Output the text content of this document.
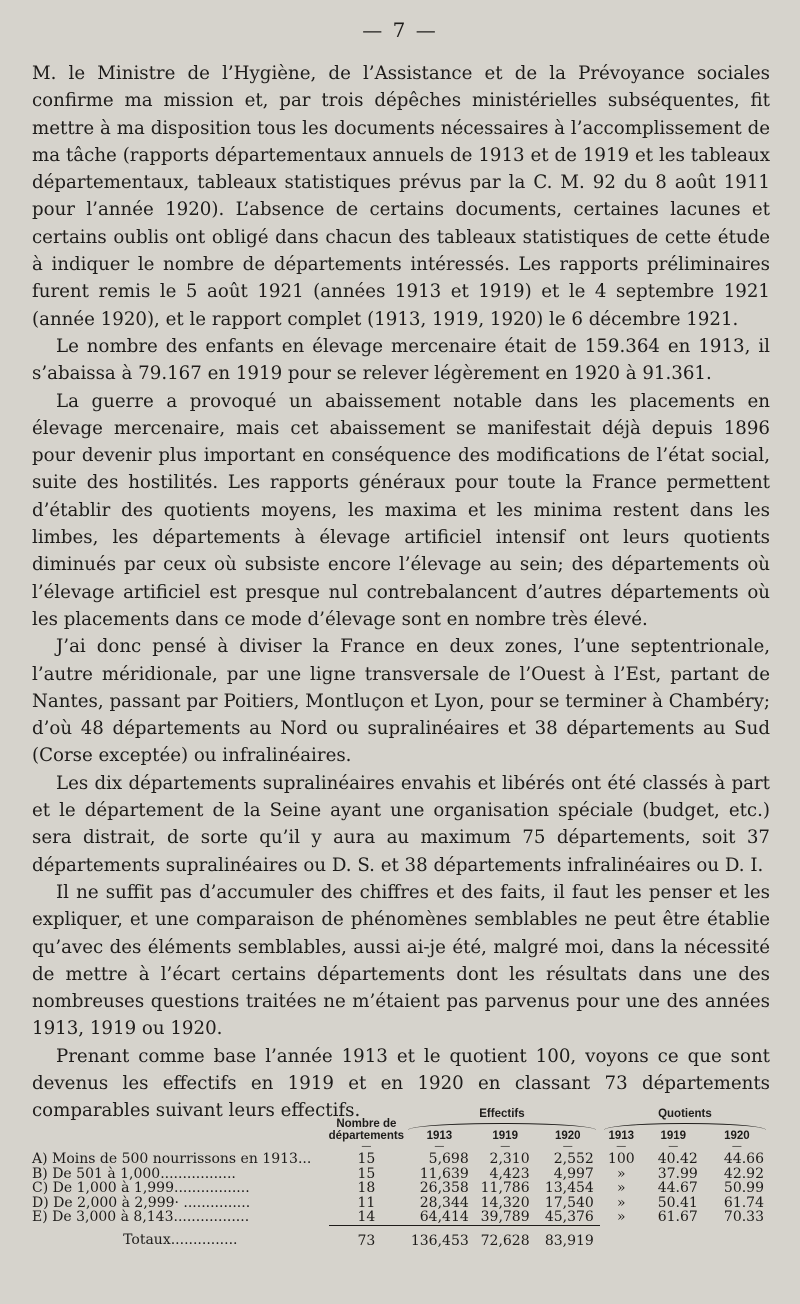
— 7 —

M. le Ministre de l’Hygiène, de l’Assistance et de la Prévoyance sociales confirme ma mission et, par trois dépêches ministérielles subséquentes, fit mettre à ma disposition tous les documents nécessaires à l’accomplissement de ma tâche (rapports départementaux annuels de 1913 et de 1919 et les tableaux départementaux, tableaux statistiques prévus par la C. M. 92 du 8 août 1911 pour l’année 1920). L’absence de certains documents, certaines lacunes et certains oublis ont obligé dans chacun des tableaux statistiques de cette étude à indiquer le nombre de départements intéressés. Les rapports préliminaires furent remis le 5 août 1921 (années 1913 et 1919) et le 4 septembre 1921 (année 1920), et le rapport complet (1913, 1919, 1920) le 6 décembre 1921.

Le nombre des enfants en élevage mercenaire était de 159.364 en 1913, il s’abaissa à 79.167 en 1919 pour se relever légèrement en 1920 à 91.361.

La guerre a provoqué un abaissement notable dans les placements en élevage mercenaire, mais cet abaissement se manifestait déjà depuis 1896 pour devenir plus important en conséquence des modifications de l’état social, suite des hostilités. Les rapports généraux pour toute la France permettent d’établir des quotients moyens, les maxima et les minima restent dans les limbes, les départements à élevage artificiel intensif ont leurs quotients diminués par ceux où subsiste encore l’élevage au sein; des départements où l’élevage artificiel est presque nul contrebalancent d’autres départements où les placements dans ce mode d’élevage sont en nombre très élevé.

J’ai donc pensé à diviser la France en deux zones, l’une septentrionale, l’autre méridionale, par une ligne transversale de l’Ouest à l’Est, partant de Nantes, passant par Poitiers, Montluçon et Lyon, pour se terminer à Chambéry; d’où 48 départements au Nord ou supralinéaires et 38 départements au Sud (Corse exceptée) ou infralinéaires.

Les dix départements supralinéaires envahis et libérés ont été classés à part et le département de la Seine ayant une organisation spéciale (budget, etc.) sera distrait, de sorte qu’il y aura au maximum 75 départements, soit 37 départements supralinéaires ou D. S. et 38 départements infralinéaires ou D. I.

Il ne suffit pas d’accumuler des chiffres et des faits, il faut les penser et les expliquer, et une comparaison de phénomènes semblables ne peut être établie qu’avec des éléments semblables, aussi ai-je été, malgré moi, dans la nécessité de mettre à l’écart certains départements dont les résultats dans une des nombreuses questions traitées ne m’étaient pas parvenus pour une des années 1913, 1919 ou 1920.

Prenant comme base l’année 1913 et le quotient 100, voyons ce que sont devenus les effectifs en 1919 et en 1920 en classant 73 départements comparables suivant leurs effectifs.

	Nombre de départements	Effectifs			Quotients		

		1913	1919	1920	1913	1919	1920
	—	—	—	—	—	—	—
A) Moins de 500 nourrissons en 1913...	15	5,698	2,310	2,552	100	40.42	44.66
B) De 501 à 1,000.................	15	11,639	4,423	4,997	»	37.99	42.92
C) De 1,000 à 1,999.................	18	26,358	11,786	13,454	»	44.67	50.99
D) De 2,000 à 2,999· ...............	11	28,344	14,320	17,540	»	50.41	61.74
E) De 3,000 à 8,143.................	14	64,414	39,789	45,376	»	61.67	70.33
Totaux...............	73	136,453	72,628	83,919			
